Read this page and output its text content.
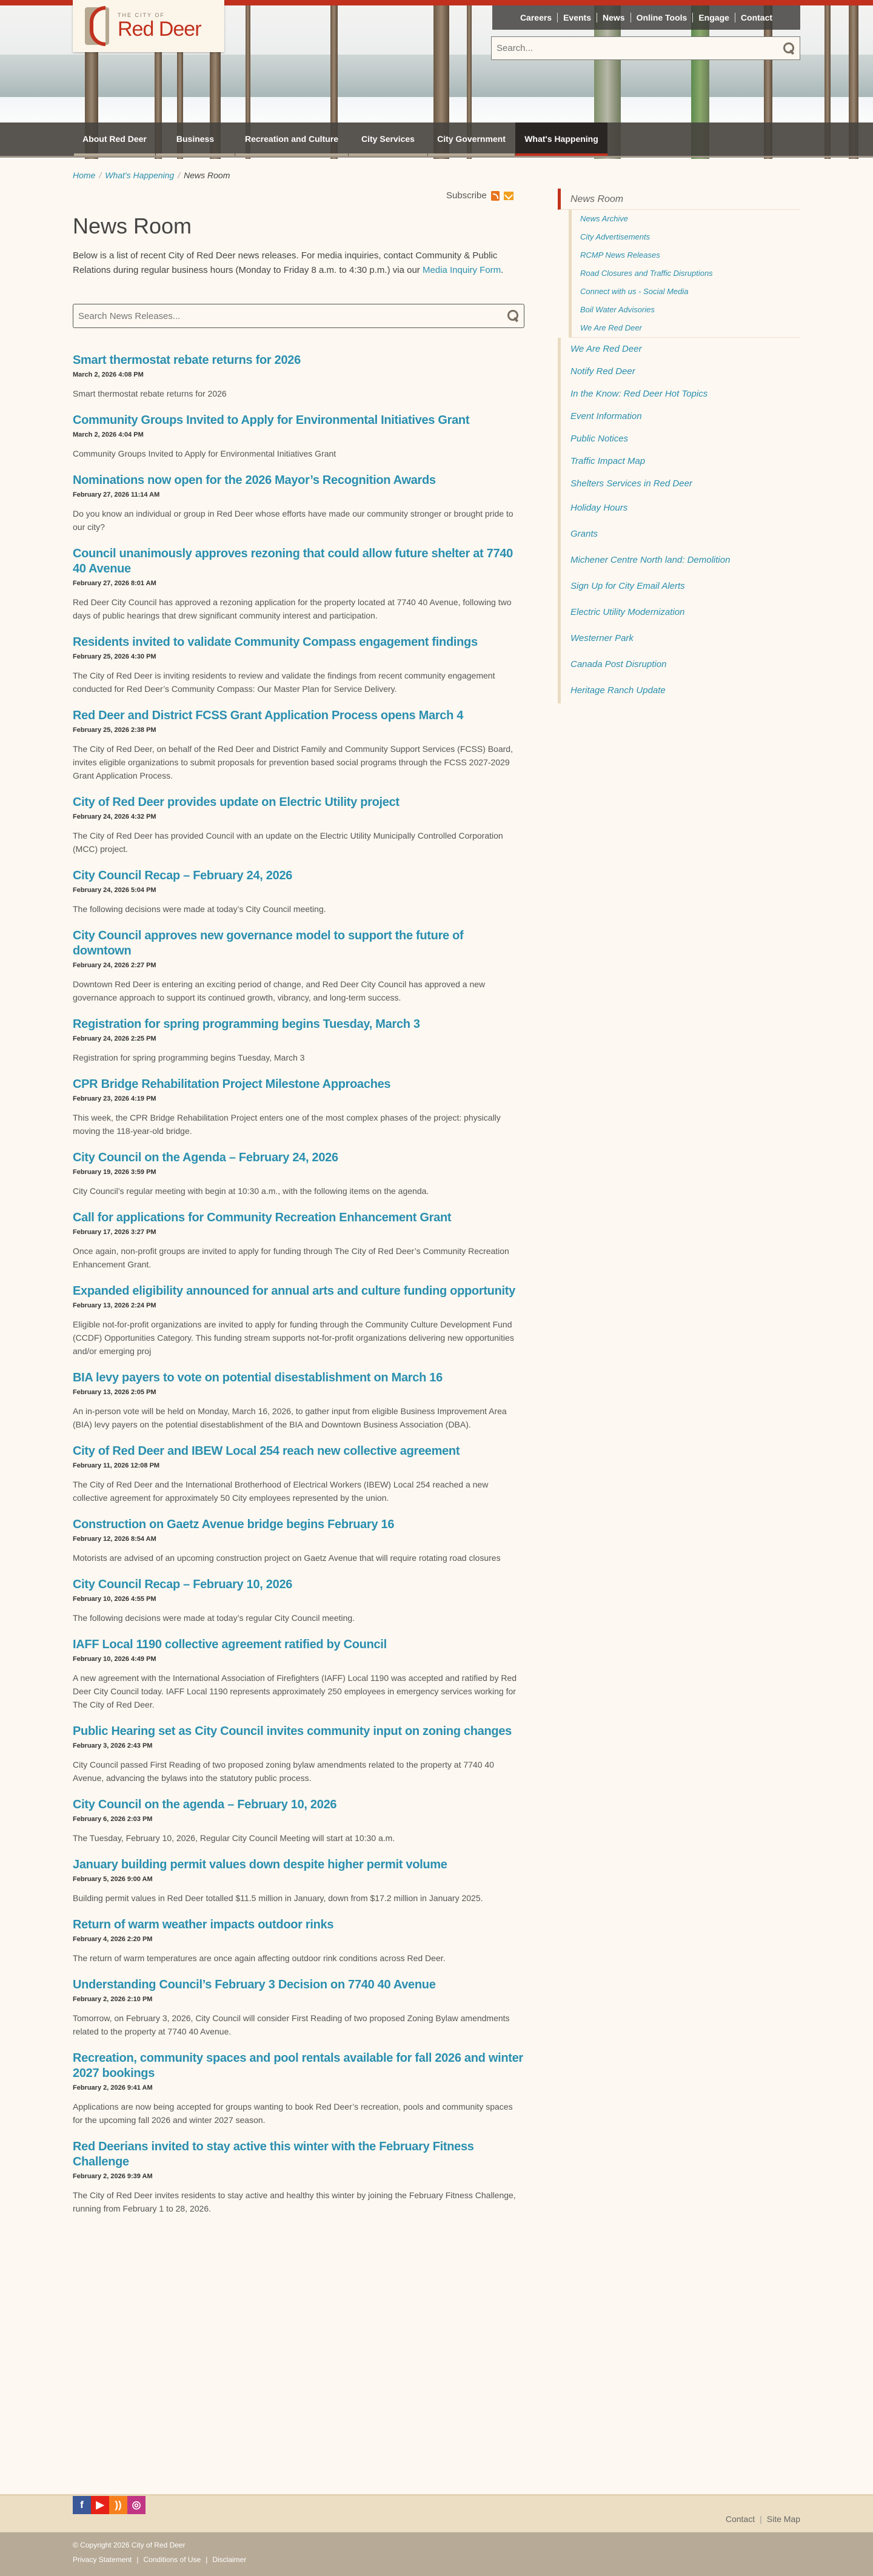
THE CITY OF
Red Deer	Careers	Events	News	Online Tools	Engage	Contact
Search...
About Red Deer	Business	Recreation and Culture	City Services	City Government	What's Happening
Home / What's Happening / News Room
Subscribe
News Room

Below is a list of recent City of Red Deer news releases. For media inquiries, contact Community & Public Relations during regular business hours (Monday to Friday 8 a.m. to 4:30 p.m.) via our Media Inquiry Form.

Search News Releases...
Smart thermostat rebate returns for 2026
March 2, 2026 4:08 PM

Smart thermostat rebate returns for 2026

Community Groups Invited to Apply for Environmental Initiatives Grant
March 2, 2026 4:04 PM

Community Groups Invited to Apply for Environmental Initiatives Grant

Nominations now open for the 2026 Mayor’s Recognition Awards
February 27, 2026 11:14 AM

Do you know an individual or group in Red Deer whose efforts have made our community stronger or brought pride to our city?

Council unanimously approves rezoning that could allow future shelter at 7740 40 Avenue
February 27, 2026 8:01 AM

Red Deer City Council has approved a rezoning application for the property located at 7740 40 Avenue, following two days of public hearings that drew significant community interest and participation.

Residents invited to validate Community Compass engagement findings
February 25, 2026 4:30 PM

The City of Red Deer is inviting residents to review and validate the findings from recent community engagement conducted for Red Deer’s Community Compass: Our Master Plan for Service Delivery.

Red Deer and District FCSS Grant Application Process opens March 4
February 25, 2026 2:38 PM

The City of Red Deer, on behalf of the Red Deer and District Family and Community Support Services (FCSS) Board, invites eligible organizations to submit proposals for prevention based social programs through the FCSS 2027-2029 Grant Application Process.

City of Red Deer provides update on Electric Utility project
February 24, 2026 4:32 PM

The City of Red Deer has provided Council with an update on the Electric Utility Municipally Controlled Corporation (MCC) project.

City Council Recap – February 24, 2026
February 24, 2026 5:04 PM

The following decisions were made at today’s City Council meeting.

City Council approves new governance model to support the future of downtown
February 24, 2026 2:27 PM

Downtown Red Deer is entering an exciting period of change, and Red Deer City Council has approved a new governance approach to support its continued growth, vibrancy, and long-term success.

Registration for spring programming begins Tuesday, March 3
February 24, 2026 2:25 PM

Registration for spring programming begins Tuesday, March 3

CPR Bridge Rehabilitation Project Milestone Approaches
February 23, 2026 4:19 PM

This week, the CPR Bridge Rehabilitation Project enters one of the most complex phases of the project: physically moving the 118-year-old bridge.

City Council on the Agenda – February 24, 2026
February 19, 2026 3:59 PM

City Council’s regular meeting with begin at 10:30 a.m., with the following items on the agenda.

Call for applications for Community Recreation Enhancement Grant
February 17, 2026 3:27 PM

Once again, non-profit groups are invited to apply for funding through The City of Red Deer’s Community Recreation Enhancement Grant.

Expanded eligibility announced for annual arts and culture funding opportunity
February 13, 2026 2:24 PM

Eligible not-for-profit organizations are invited to apply for funding through the Community Culture Development Fund (CCDF) Opportunities Category. This funding stream supports not-for-profit organizations delivering new opportunities and/or emerging proj

BIA levy payers to vote on potential disestablishment on March 16
February 13, 2026 2:05 PM

An in-person vote will be held on Monday, March 16, 2026, to gather input from eligible Business Improvement Area (BIA) levy payers on the potential disestablishment of the BIA and Downtown Business Association (DBA).

City of Red Deer and IBEW Local 254 reach new collective agreement
February 11, 2026 12:08 PM

The City of Red Deer and the International Brotherhood of Electrical Workers (IBEW) Local 254 reached a new collective agreement for approximately 50 City employees represented by the union.

Construction on Gaetz Avenue bridge begins February 16
February 12, 2026 8:54 AM

Motorists are advised of an upcoming construction project on Gaetz Avenue that will require rotating road closures

City Council Recap – February 10, 2026
February 10, 2026 4:55 PM

The following decisions were made at today’s regular City Council meeting.

IAFF Local 1190 collective agreement ratified by Council
February 10, 2026 4:49 PM

A new agreement with the International Association of Firefighters (IAFF) Local 1190 was accepted and ratified by Red Deer City Council today. IAFF Local 1190 represents approximately 250 employees in emergency services working for The City of Red Deer.

Public Hearing set as City Council invites community input on zoning changes
February 3, 2026 2:43 PM

City Council passed First Reading of two proposed zoning bylaw amendments related to the property at 7740 40 Avenue, advancing the bylaws into the statutory public process.

City Council on the agenda – February 10, 2026
February 6, 2026 2:03 PM

The Tuesday, February 10, 2026, Regular City Council Meeting will start at 10:30 a.m.

January building permit values down despite higher permit volume
February 5, 2026 9:00 AM

Building permit values in Red Deer totalled $11.5 million in January, down from $17.2 million in January 2025.

Return of warm weather impacts outdoor rinks
February 4, 2026 2:20 PM

The return of warm temperatures are once again affecting outdoor rink conditions across Red Deer.

Understanding Council’s February 3 Decision on 7740 40 Avenue
February 2, 2026 2:10 PM

Tomorrow, on February 3, 2026, City Council will consider First Reading of two proposed Zoning Bylaw amendments related to the property at 7740 40 Avenue.

Recreation, community spaces and pool rentals available for fall 2026 and winter 2027 bookings
February 2, 2026 9:41 AM

Applications are now being accepted for groups wanting to book Red Deer’s recreation, pools and community spaces for the upcoming fall 2026 and winter 2027 season.

Red Deerians invited to stay active this winter with the February Fitness Challenge
February 2, 2026 9:39 AM

The City of Red Deer invites residents to stay active and healthy this winter by joining the February Fitness Challenge, running from February 1 to 28, 2026.

News Room
News Archive
City Advertisements
RCMP News Releases
Road Closures and Traffic Disruptions
Connect with us - Social Media
Boil Water Advisories
We Are Red Deer
We Are Red Deer
Notify Red Deer
In the Know: Red Deer Hot Topics
Event Information
Public Notices
Traffic Impact Map
Shelters Services in Red Deer
Holiday Hours
Grants
Michener Centre North land: Demolition
Sign Up for City Email Alerts
Electric Utility Modernization
Westerner Park
Canada Post Disruption
Heritage Ranch Update
f	▶	)) ◎
Contact | Site Map
© Copyright 2026 City of Red Deer
Privacy Statement | Conditions of Use | Disclaimer
